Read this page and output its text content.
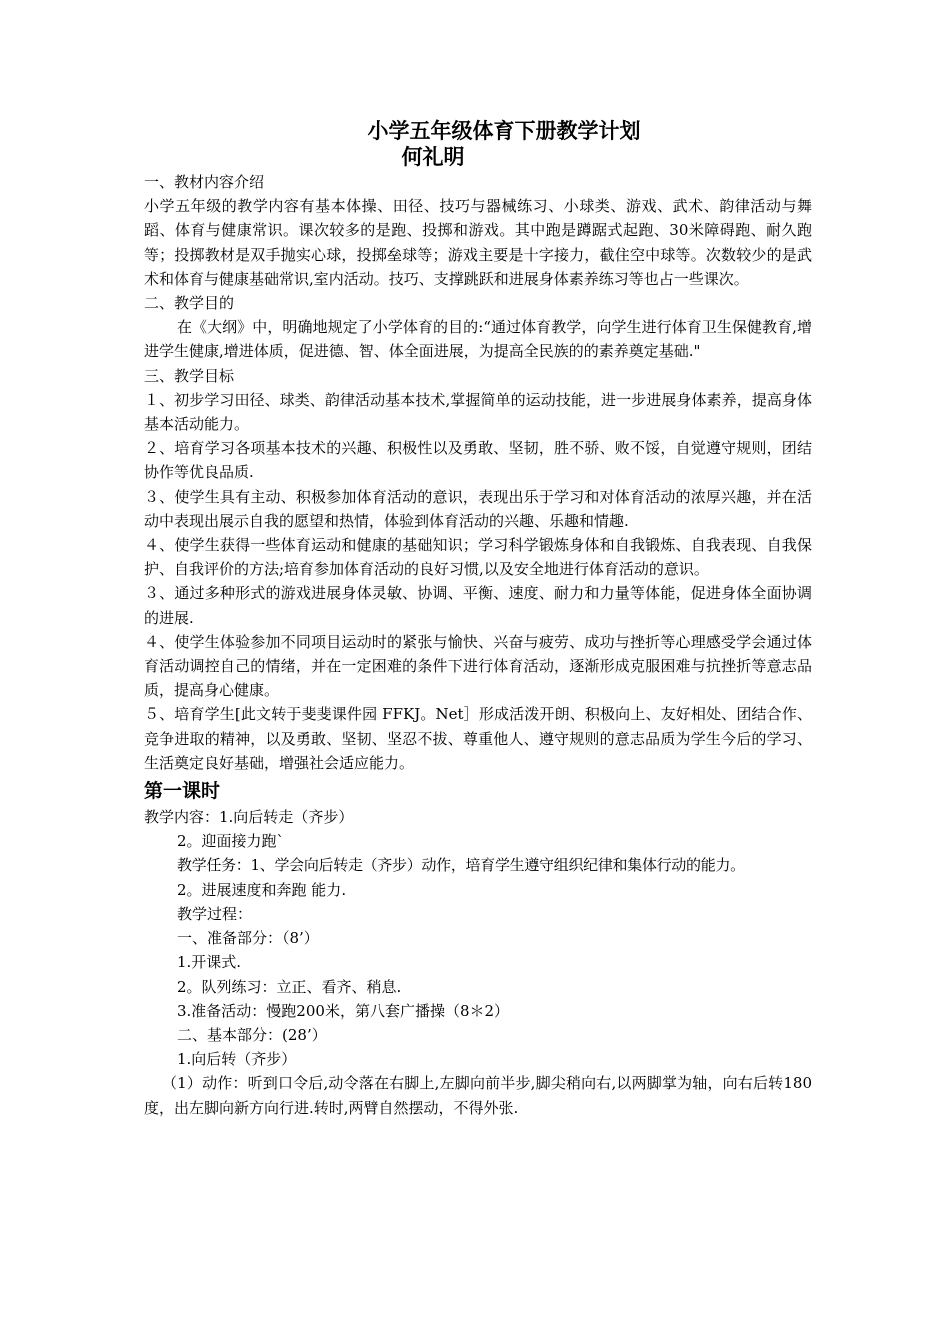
小学五年级体育下册教学计划
何礼明

一、教材内容介绍

小学五年级的教学内容有基本体操、田径、技巧与器械练习、小球类、游戏、武术、韵律活动与舞蹈、体育与健康常识。课次较多的是跑、投掷和游戏。其中跑是蹲踞式起跑、30米障碍跑、耐久跑等；投掷教材是双手抛实心球，投掷垒球等；游戏主要是十字接力，截住空中球等。次数较少的是武术和体育与健康基础常识,室内活动。技巧、支撑跳跃和进展身体素养练习等也占一些课次。

二、教学目的

在《大纲》中，明确地规定了小学体育的目的:“通过体育教学，向学生进行体育卫生保健教育,增进学生健康,增进体质，促进德、智、体全面进展，为提高全民族的的素养奠定基础."

三、教学目标

１、初步学习田径、球类、韵律活动基本技术,掌握简单的运动技能，进一步进展身体素养，提高身体基本活动能力。

２、培育学习各项基本技术的兴趣、积极性以及勇敢、坚韧，胜不骄、败不馁，自觉遵守规则，团结协作等优良品质.

３、使学生具有主动、积极参加体育活动的意识，表现出乐于学习和对体育活动的浓厚兴趣，并在活动中表现出展示自我的愿望和热情，体验到体育活动的兴趣、乐趣和情趣.

４、使学生获得一些体育运动和健康的基础知识；学习科学锻炼身体和自我锻炼、自我表现、自我保护、自我评价的方法;培育参加体育活动的良好习惯,以及安全地进行体育活动的意识。

３、通过多种形式的游戏进展身体灵敏、协调、平衡、速度、耐力和力量等体能，促进身体全面协调的进展.

４、使学生体验参加不同项目运动时的紧张与愉快、兴奋与疲劳、成功与挫折等心理感受学会通过体育活动调控自己的情绪，并在一定困难的条件下进行体育活动，逐渐形成克服困难与抗挫折等意志品质，提高身心健康。

５、培育学生[此文转于斐斐课件园 FFKJ。Net］形成活泼开朗、积极向上、友好相处、团结合作、竞争进取的精神，以及勇敢、坚韧、坚忍不拔、尊重他人、遵守规则的意志品质为学生今后的学习、生活奠定良好基础，增强社会适应能力。

第一课时

教学内容：1.向后转走（齐步）

2。迎面接力跑`

教学任务：1、学会向后转走（齐步）动作，培育学生遵守组织纪律和集体行动的能力。

2。进展速度和奔跑 能力.

教学过程：

一、准备部分：（8’）

1.开课式.

2。队列练习：立正、看齐、稍息.

3.准备活动：慢跑200米，第八套广播操（8＊2）

二、基本部分：(28’）

1.向后转（齐步）

（1）动作：听到口令后,动令落在右脚上,左脚向前半步,脚尖稍向右,以两脚掌为轴，向右后转180度，出左脚向新方向行进.转时,两臂自然摆动，不得外张.
